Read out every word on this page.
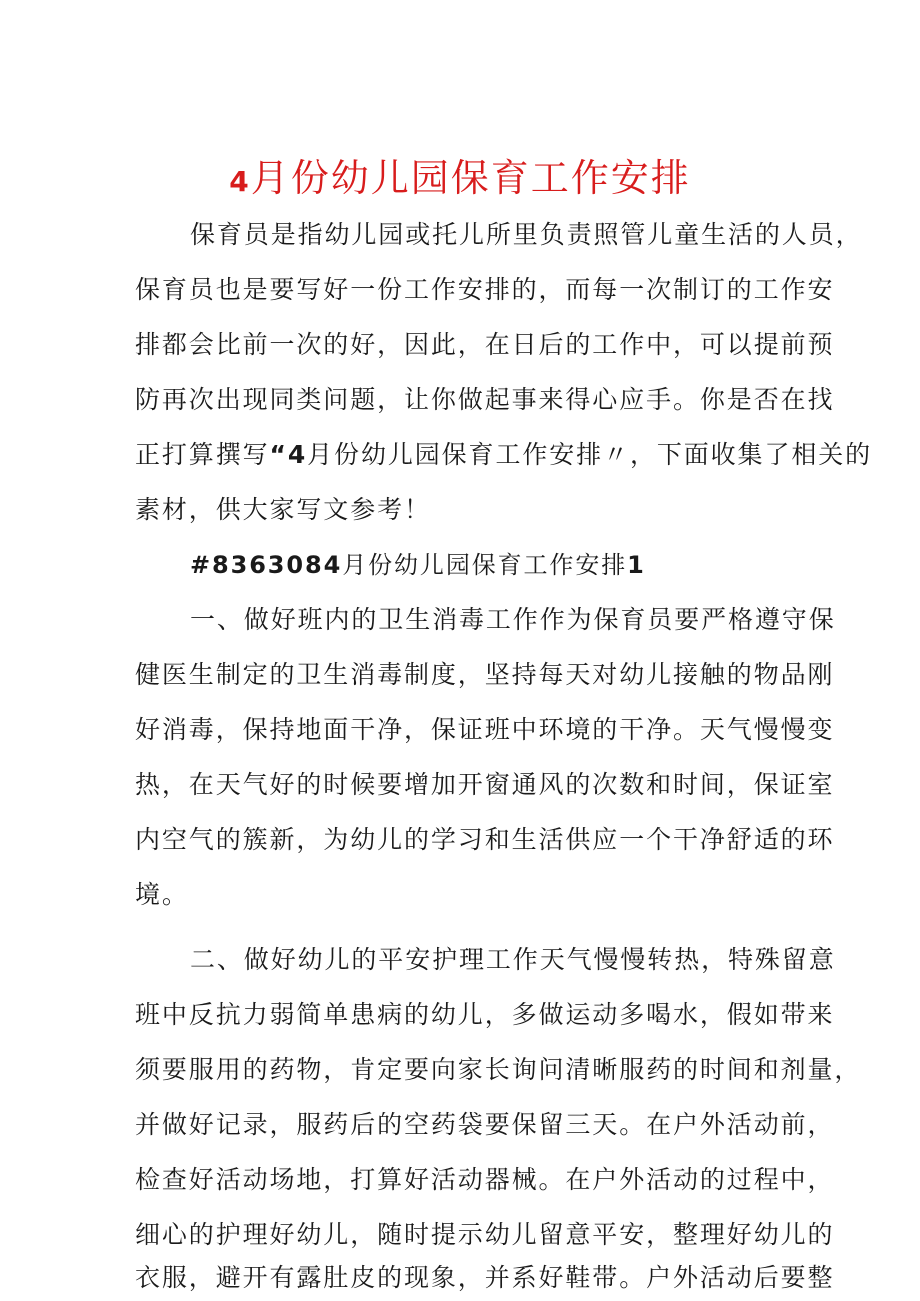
4月份幼儿园保育工作安排
保育员是指幼儿园或托儿所里负责照管儿童生活的人员，
保育员也是要写好一份工作安排的，而每一次制订的工作安
排都会比前一次的好，因此，在日后的工作中，可以提前预
防再次出现同类问题，让你做起事来得心应手。你是否在找
正打算撰写“4月份幼儿园保育工作安排〃，下面收集了相关的
素材，供大家写文参考！
#8363084月份幼儿园保育工作安排1
一、做好班内的卫生消毒工作作为保育员要严格遵守保
健医生制定的卫生消毒制度，坚持每天对幼儿接触的物品刚
好消毒，保持地面干净，保证班中环境的干净。天气慢慢变
热，在天气好的时候要增加开窗通风的次数和时间，保证室
内空气的簇新，为幼儿的学习和生活供应一个干净舒适的环
境。
二、做好幼儿的平安护理工作天气慢慢转热，特殊留意
班中反抗力弱简单患病的幼儿，多做运动多喝水，假如带来
须要服用的药物，肯定要向家长询问清晰服药的时间和剂量，
并做好记录，服药后的空药袋要保留三天。在户外活动前，
检查好活动场地，打算好活动器械。在户外活动的过程中，
细心的护理好幼儿，随时提示幼儿留意平安，整理好幼儿的
衣服，避开有露肚皮的现象，并系好鞋带。户外活动后要整
